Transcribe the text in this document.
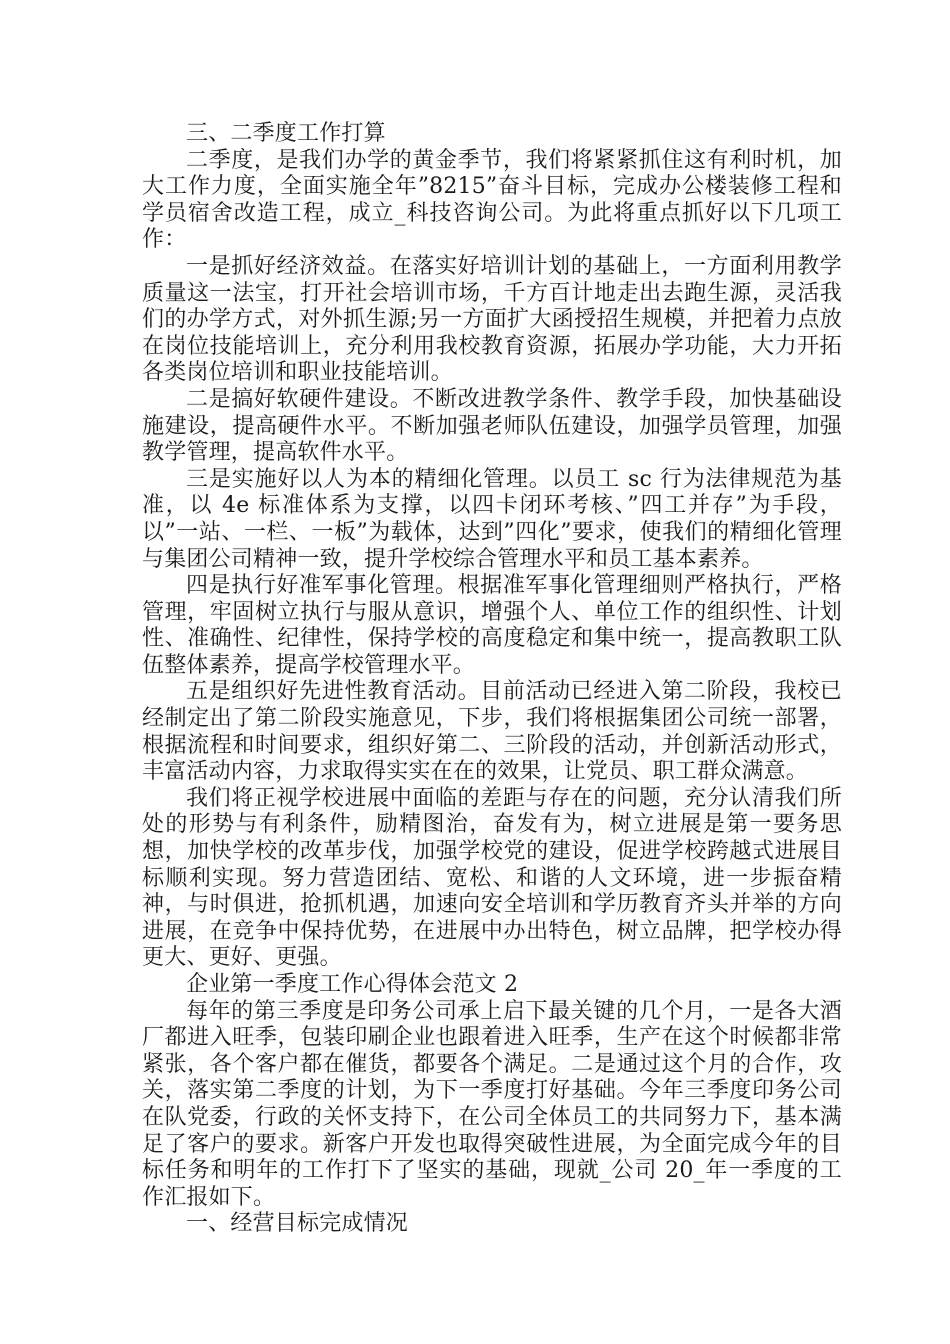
三、二季度工作打算

二季度，是我们办学的黄金季节，我们将紧紧抓住这有利时机，加大工作力度，全面实施全年”8215”奋斗目标，完成办公楼装修工程和学员宿舍改造工程，成立_科技咨询公司。为此将重点抓好以下几项工作：

一是抓好经济效益。在落实好培训计划的基础上，一方面利用教学质量这一法宝，打开社会培训市场，千方百计地走出去跑生源，灵活我们的办学方式，对外抓生源;另一方面扩大函授招生规模，并把着力点放在岗位技能培训上，充分利用我校教育资源，拓展办学功能，大力开拓各类岗位培训和职业技能培训。

二是搞好软硬件建设。不断改进教学条件、教学手段，加快基础设施建设，提高硬件水平。不断加强老师队伍建设，加强学员管理，加强教学管理，提高软件水平。

三是实施好以人为本的精细化管理。以员工 sc 行为法律规范为基准，以 4e 标准体系为支撑，以四卡闭环考核、”四工并存”为手段，以”一站、一栏、一板”为载体，达到”四化”要求，使我们的精细化管理与集团公司精神一致，提升学校综合管理水平和员工基本素养。

四是执行好准军事化管理。根据准军事化管理细则严格执行，严格管理，牢固树立执行与服从意识，增强个人、单位工作的组织性、计划性、准确性、纪律性，保持学校的高度稳定和集中统一，提高教职工队伍整体素养，提高学校管理水平。

五是组织好先进性教育活动。目前活动已经进入第二阶段，我校已经制定出了第二阶段实施意见，下步，我们将根据集团公司统一部署，根据流程和时间要求，组织好第二、三阶段的活动，并创新活动形式，丰富活动内容，力求取得实实在在的效果，让党员、职工群众满意。

我们将正视学校进展中面临的差距与存在的问题，充分认清我们所处的形势与有利条件，励精图治，奋发有为，树立进展是第一要务思想，加快学校的改革步伐，加强学校党的建设，促进学校跨越式进展目标顺利实现。努力营造团结、宽松、和谐的人文环境，进一步振奋精神，与时俱进，抢抓机遇，加速向安全培训和学历教育齐头并举的方向进展，在竞争中保持优势，在进展中办出特色，树立品牌，把学校办得更大、更好、更强。

企业第一季度工作心得体会范文 2

每年的第三季度是印务公司承上启下最关键的几个月，一是各大酒厂都进入旺季，包装印刷企业也跟着进入旺季，生产在这个时候都非常紧张，各个客户都在催货，都要各个满足。二是通过这个月的合作，攻关，落实第二季度的计划，为下一季度打好基础。今年三季度印务公司在队党委，行政的关怀支持下，在公司全体员工的共同努力下，基本满足了客户的要求。新客户开发也取得突破性进展，为全面完成今年的目标任务和明年的工作打下了坚实的基础，现就_公司 20_年一季度的工作汇报如下。

一、经营目标完成情况
